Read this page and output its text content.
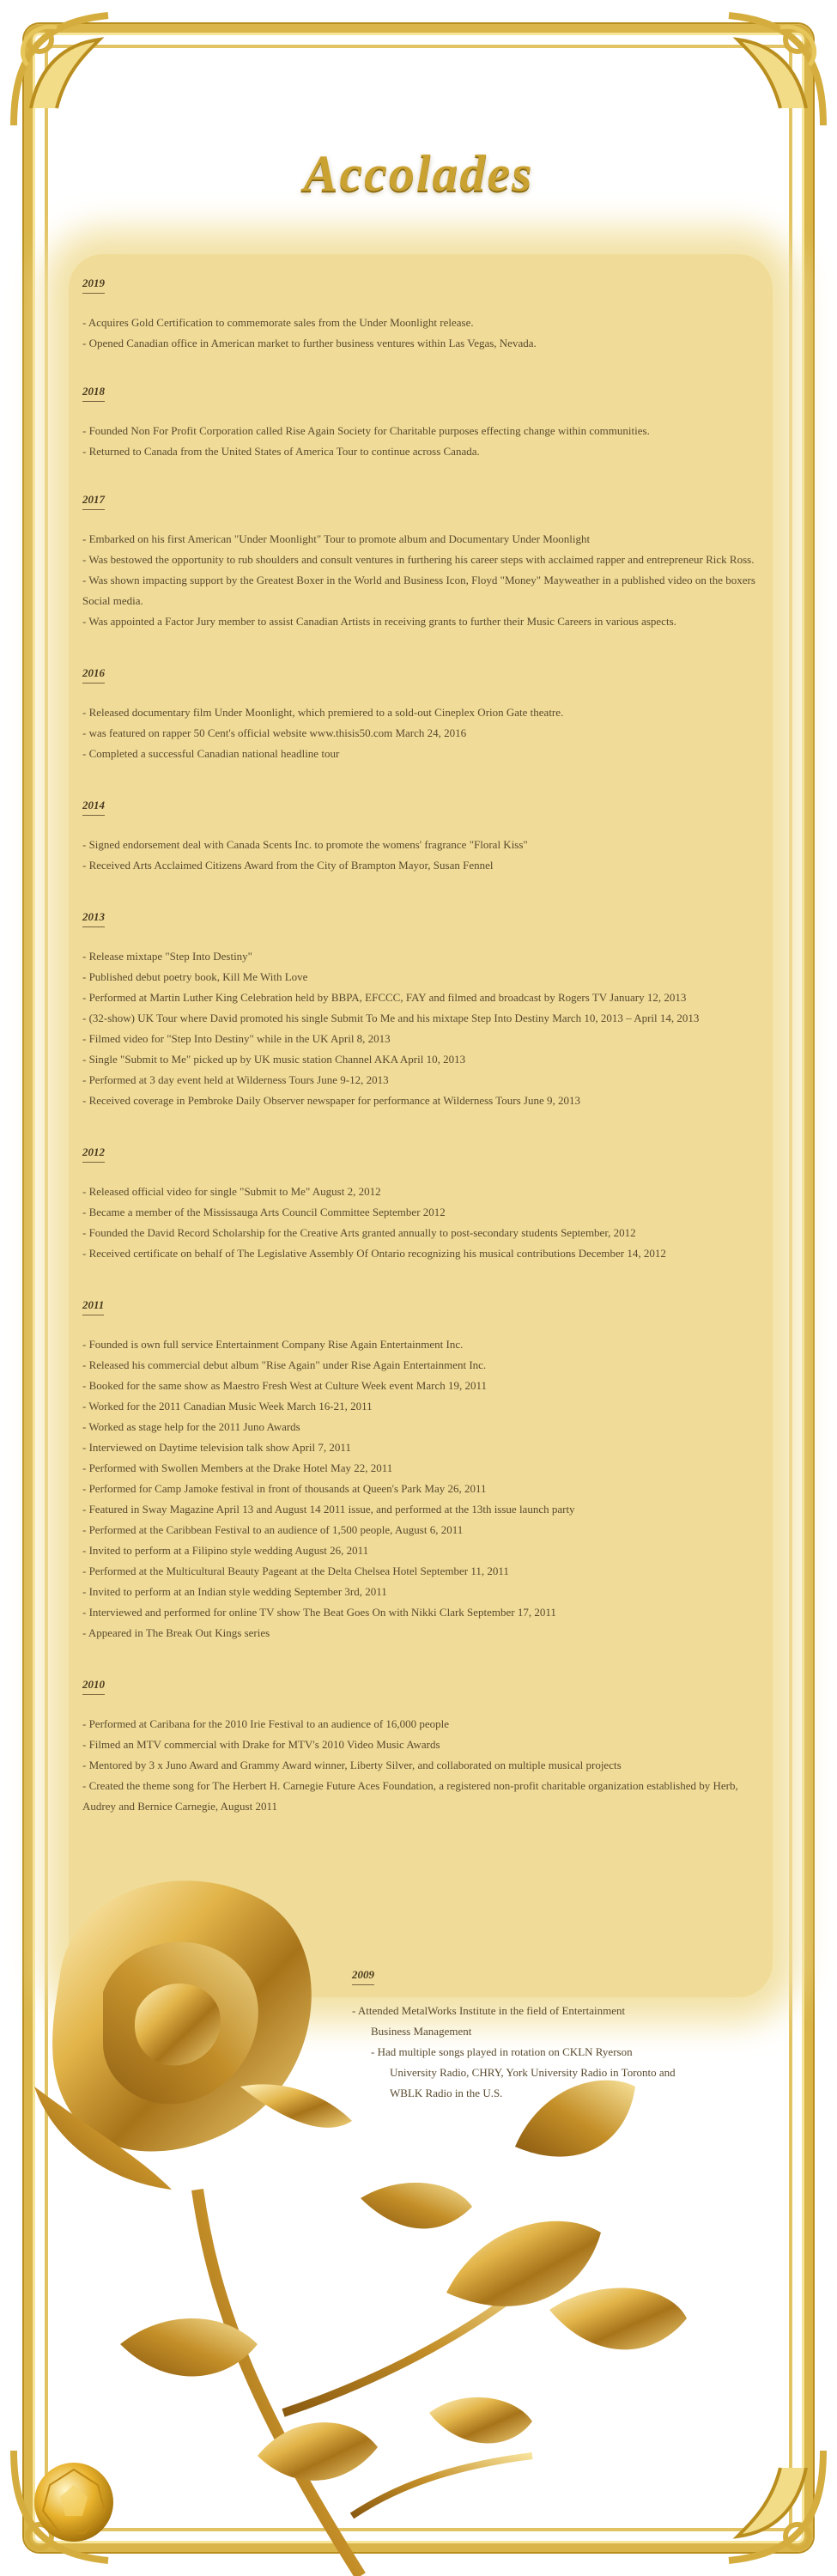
Accolades
2019
- Acquires Gold Certification to commemorate sales from the Under Moonlight release.
- Opened Canadian office in American market to further business ventures within Las Vegas, Nevada.
2018
- Founded Non For Profit Corporation called Rise Again Society for Charitable purposes effecting change within communities.
- Returned to Canada from the United States of America Tour to continue across Canada.
2017
- Embarked on his first American "Under Moonlight" Tour to promote album and Documentary Under Moonlight
- Was bestowed the opportunity to rub shoulders and consult ventures in furthering his career steps with acclaimed rapper and entrepreneur Rick Ross.
- Was shown impacting support by the Greatest Boxer in the World and Business Icon, Floyd "Money" Mayweather in a published video on the boxers Social media.
- Was appointed a Factor Jury member to assist Canadian Artists in receiving grants to further their Music Careers in various aspects.
2016
- Released documentary film Under Moonlight, which premiered to a sold-out Cineplex Orion Gate theatre.
- was featured on rapper 50 Cent's official website www.thisis50.com March 24, 2016
- Completed a successful Canadian national headline tour
2014
- Signed endorsement deal with Canada Scents Inc. to promote the womens' fragrance "Floral Kiss"
- Received Arts Acclaimed Citizens Award from the City of Brampton Mayor, Susan Fennel
2013
- Release mixtape "Step Into Destiny"
- Published debut poetry book, Kill Me With Love
- Performed at Martin Luther King Celebration held by BBPA, EFCCC, FAY and filmed and broadcast by Rogers TV January 12, 2013
- (32-show) UK Tour where David promoted his single Submit To Me and his mixtape Step Into Destiny March 10, 2013 – April 14, 2013
- Filmed video for "Step Into Destiny" while in the UK April 8, 2013
- Single "Submit to Me" picked up by UK music station Channel AKA April 10, 2013
- Performed at 3 day event held at Wilderness Tours June 9-12, 2013
- Received coverage in Pembroke Daily Observer newspaper for performance at Wilderness Tours June 9, 2013
2012
- Released official video for single "Submit to Me" August 2, 2012
- Became a member of the Mississauga Arts Council Committee September 2012
- Founded the David Record Scholarship for the Creative Arts granted annually to post-secondary students September, 2012
- Received certificate on behalf of The Legislative Assembly Of Ontario recognizing his musical contributions December 14, 2012
2011
- Founded is own full service Entertainment Company Rise Again Entertainment Inc.
- Released his commercial debut album "Rise Again" under Rise Again Entertainment Inc.
- Booked for the same show as Maestro Fresh West at Culture Week event March 19, 2011
- Worked for the 2011 Canadian Music Week March 16-21, 2011
- Worked as stage help for the 2011 Juno Awards
- Interviewed on Daytime television talk show April 7, 2011
- Performed with Swollen Members at the Drake Hotel May 22, 2011
- Performed for Camp Jamoke festival in front of thousands at Queen's Park May 26, 2011
- Featured in Sway Magazine April 13 and August 14 2011 issue, and performed at the 13th issue launch party
- Performed at the Caribbean Festival to an audience of 1,500 people, August 6, 2011
- Invited to perform at a Filipino style wedding August 26, 2011
- Performed at the Multicultural Beauty Pageant at the Delta Chelsea Hotel September 11, 2011
- Invited to perform at an Indian style wedding September 3rd, 2011
- Interviewed and performed for online TV show The Beat Goes On with Nikki Clark September 17, 2011
- Appeared in The Break Out Kings series
2010
- Performed at Caribana for the 2010 Irie Festival to an audience of 16,000 people
- Filmed an MTV commercial with Drake for MTV's 2010 Video Music Awards
- Mentored by 3 x Juno Award and Grammy Award winner, Liberty Silver, and collaborated on multiple musical projects
- Created the theme song for The Herbert H. Carnegie Future Aces Foundation, a registered non-profit charitable organization established by Herb, Audrey and Bernice Carnegie, August 2011
2009
- Attended MetalWorks Institute in the field of Entertainment
Business Management
- Had multiple songs played in rotation on CKLN Ryerson
University Radio, CHRY, York University Radio in Toronto and
WBLK Radio in the U.S.
مستقل
mostaql.com
